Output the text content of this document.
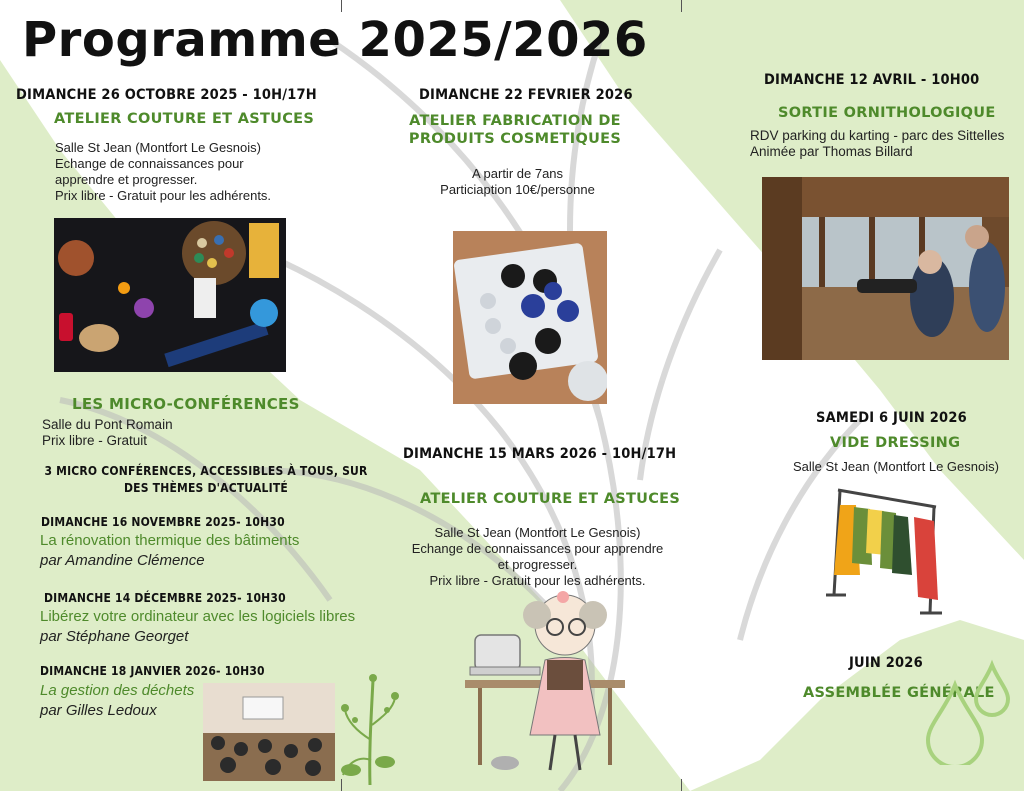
Programme 2025/2026
DIMANCHE 26 OCTOBRE 2025 - 10H/17H
ATELIER COUTURE ET ASTUCES
Salle St Jean (Montfort Le Gesnois)
Echange de connaissances pour
apprendre et progresser.
Prix libre - Gratuit pour les adhérents.
LES MICRO-CONFÉRENCES
Salle du Pont Romain
Prix libre - Gratuit
3 MICRO CONFÉRENCES, ACCESSIBLES À TOUS, SUR DES THÈMES D'ACTUALITÉ
DIMANCHE 16 NOVEMBRE 2025- 10H30
La rénovation thermique des bâtiments
par Amandine Clémence
DIMANCHE 14 DÉCEMBRE 2025- 10H30
Libérez votre ordinateur avec les logiciels libres
par Stéphane Georget
DIMANCHE 18 JANVIER 2026- 10H30
La gestion des déchets
par Gilles Ledoux
DIMANCHE 22 FEVRIER 2026
ATELIER FABRICATION DE
PRODUITS COSMETIQUES
A partir de 7ans
Particiaption 10€/personne
DIMANCHE 15 MARS 2026 - 10H/17H
ATELIER COUTURE ET ASTUCES
Salle St Jean (Montfort Le Gesnois)
Echange de connaissances pour apprendre
et progresser.
Prix libre - Gratuit pour les adhérents.
DIMANCHE 12 AVRIL - 10H00
SORTIE ORNITHOLOGIQUE
RDV parking du karting - parc des Sittelles
Animée par Thomas Billard
SAMEDI 6 JUIN 2026
VIDE DRESSING
Salle St Jean (Montfort Le Gesnois)
JUIN 2026
ASSEMBLÉE GÉNÉRALE
